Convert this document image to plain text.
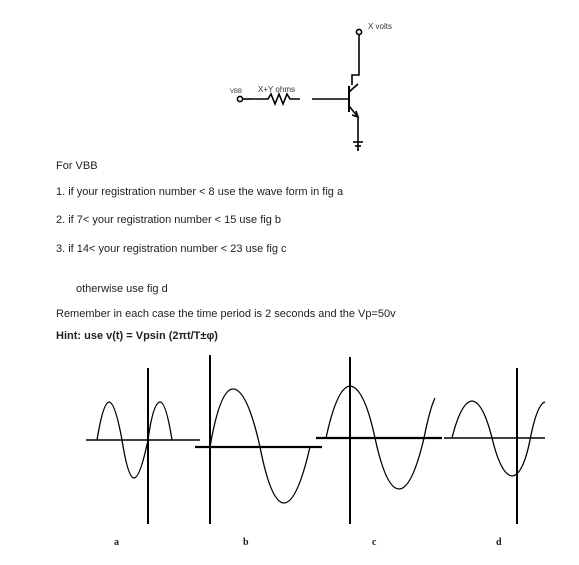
X volts
X+Y ohms
VBB
For VBB
1. if your registration number < 8 use the wave form in fig a
2. if 7< your registration number < 15 use fig b
3. if 14< your registration number < 23 use fig c
otherwise use fig d
Remember in each case the time period is 2 seconds and the Vp=50v
Hint: use v(t) = Vpsin (2πt/T±φ)
a	b	c	d
